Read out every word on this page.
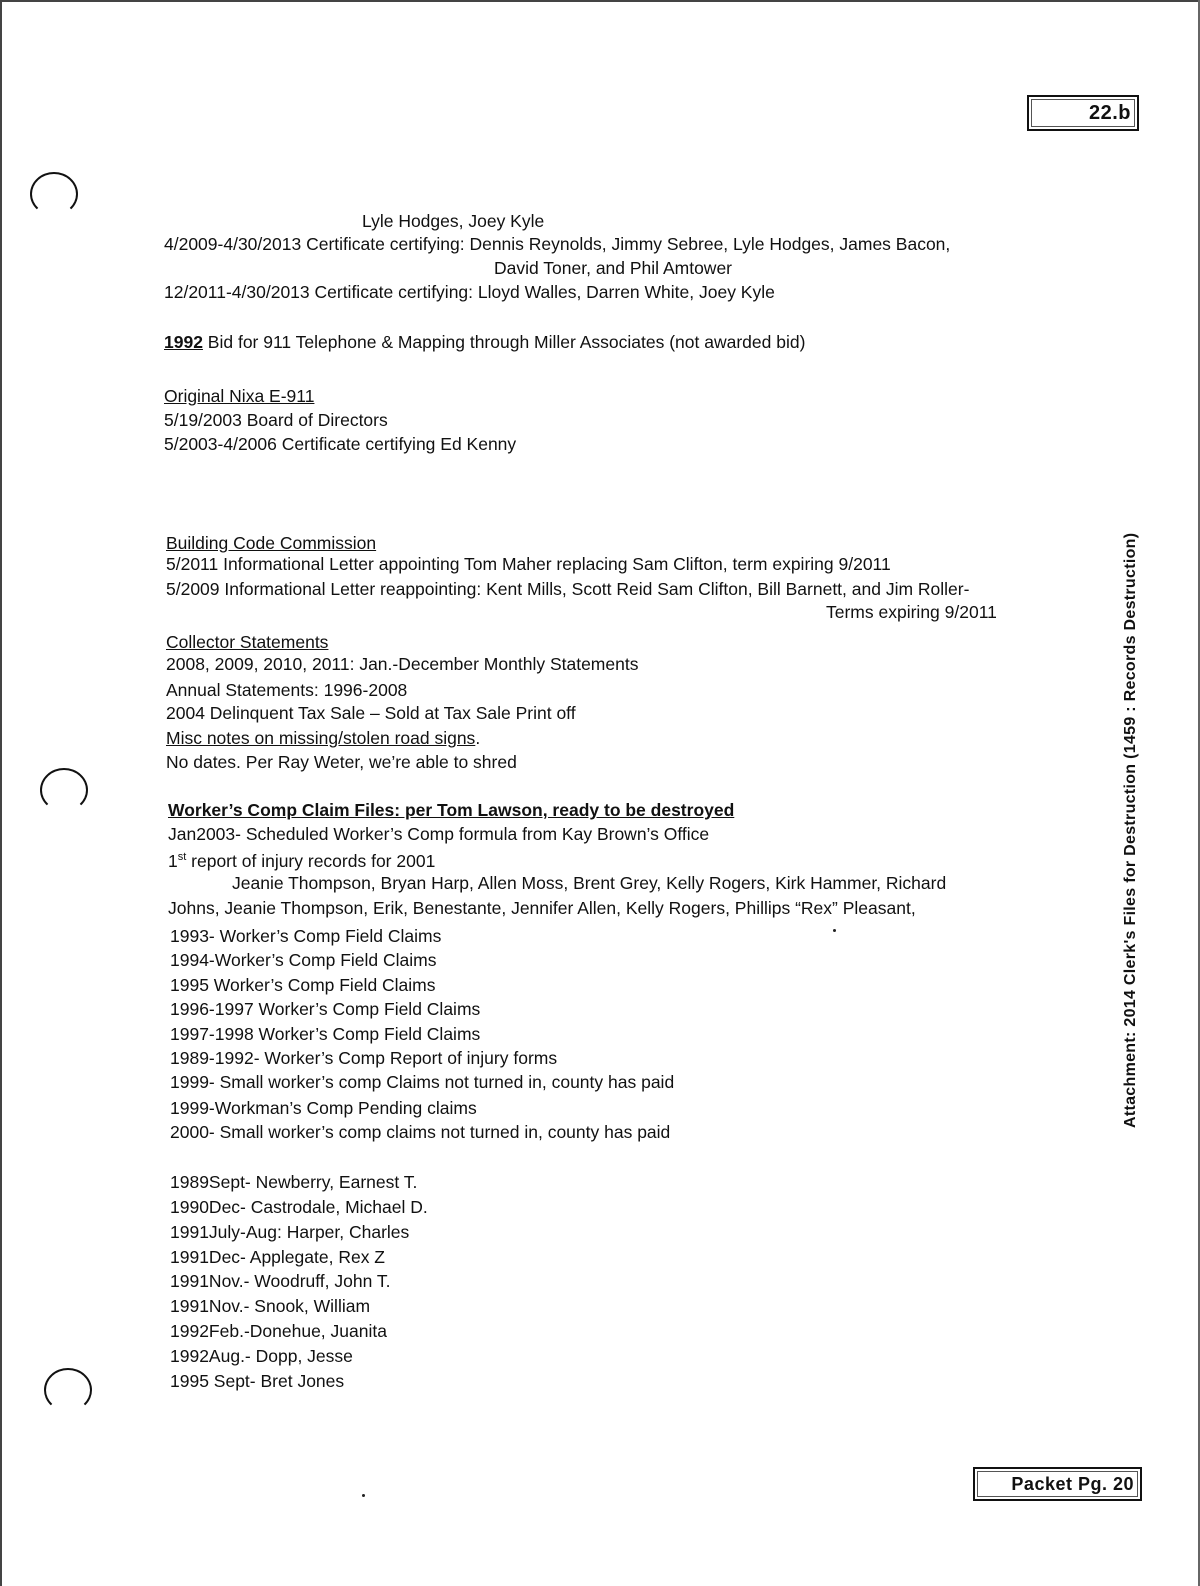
22.b
Packet Pg. 20
Attachment: 2014 Clerk's Files for Destruction (1459 : Records Destruction)
Lyle Hodges, Joey Kyle
4/2009-4/30/2013 Certificate certifying: Dennis Reynolds, Jimmy Sebree, Lyle Hodges, James Bacon,
David Toner, and Phil Amtower
12/2011-4/30/2013 Certificate certifying: Lloyd Walles, Darren White, Joey Kyle
1992 Bid for 911 Telephone & Mapping through Miller Associates (not awarded bid)
Original Nixa E-911
5/19/2003 Board of Directors
5/2003-4/2006 Certificate certifying Ed Kenny
Building Code Commission
5/2011 Informational Letter appointing Tom Maher replacing Sam Clifton, term expiring 9/2011
5/2009 Informational Letter reappointing: Kent Mills, Scott Reid Sam Clifton, Bill Barnett, and Jim Roller-
Terms expiring 9/2011
Collector Statements
2008, 2009, 2010, 2011: Jan.-December Monthly Statements
Annual Statements: 1996-2008
2004 Delinquent Tax Sale – Sold at Tax Sale Print off
Misc notes on missing/stolen road signs.
No dates. Per Ray Weter, we’re able to shred
Worker’s Comp Claim Files: per Tom Lawson, ready to be destroyed
Jan2003- Scheduled Worker’s Comp formula from Kay Brown’s Office
1st report of injury records for 2001
Jeanie Thompson, Bryan Harp, Allen Moss, Brent Grey, Kelly Rogers, Kirk Hammer, Richard
Johns, Jeanie Thompson, Erik, Benestante, Jennifer Allen, Kelly Rogers, Phillips “Rex” Pleasant,
1993- Worker’s Comp Field Claims
1994-Worker’s Comp Field Claims
1995 Worker’s Comp Field Claims
1996-1997 Worker’s Comp Field Claims
1997-1998 Worker’s Comp Field Claims
1989-1992- Worker’s Comp Report of injury forms
1999- Small worker’s comp Claims not turned in, county has paid
1999-Workman’s Comp Pending claims
2000- Small worker’s comp claims not turned in, county has paid
1989Sept- Newberry, Earnest T.
1990Dec- Castrodale, Michael D.
1991July-Aug: Harper, Charles
1991Dec- Applegate, Rex Z
1991Nov.- Woodruff, John T.
1991Nov.- Snook, William
1992Feb.-Donehue, Juanita
1992Aug.- Dopp, Jesse
1995 Sept- Bret Jones
